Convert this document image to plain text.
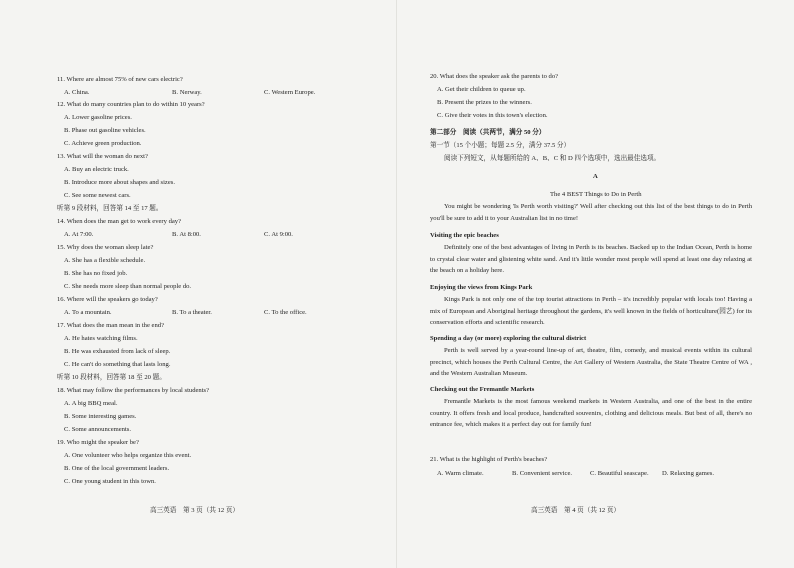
11. Where are almost 75% of new cars electric?
A. China.	B. Nerway.	C. Western Europe.
12. What do many countries plan to do within 10 years?
A. Lower gasoline prices.
B. Phase out gasoline vehicles.
C. Achieve green production.
13. What will the woman do next?
A. Buy an electric truck.
B. Introduce more about shapes and sizes.
C. See some newest cars.
听第 9 段材料，回答第 14 至 17 题。
14. When does the man get to work every day?
A. At 7:00.	B. At 8:00.	C. At 9:00.
15. Why does the woman sleep late?
A. She has a flexible schedule.
B. She has no fixed job.
C. She needs more sleep than normal people do.
16. Where will the speakers go today?
A. To a mountain.	B. To a theater.	C. To the office.
17. What does the man mean in the end?
A. He hates watching films.
B. He was exhausted from lack of sleep.
C. He can't do something that lasts long.
听第 10 段材料，回答第 18 至 20 题。
18. What may follow the performances by local students?
A. A big BBQ meal.
B. Some interesting games.
C. Some announcements.
19. Who might the speaker be?
A. One volunteer who helps organize this event.
B. One of the local government leaders.
C. One young student in this town.
高三英语　第 3 页（共 12 页）
20. What does the speaker ask the parents to do?
A. Get their children to queue up.
B. Present the prizes to the winners.
C. Give their votes in this town's election.
第二部分　阅读（共两节，满分 50 分）
第一节（15 个小题；每题 2.5 分，满分 37.5 分）
阅读下列短文，从每题所给的 A、B、C 和 D 四个选项中，选出最佳选项。
A
The 4 BEST Things to Do in Perth
You might be wondering 'Is Perth worth visiting?' Well after checking out this list of the best things to do in Perth you'll be sure to add it to your Australian list in no time!
Visiting the epic beaches
Definitely one of the best advantages of living in Perth is its beaches. Backed up to the Indian Ocean, Perth is home to crystal clear water and glistening white sand. And it's little wonder most people will spend at least one day relaxing at the beach on a holiday here.
Enjoying the views from Kings Park
Kings Park is not only one of the top tourist attractions in Perth – it's incredibly popular with locals too! Having a mix of European and Aboriginal heritage throughout the gardens, it's well known in the fields of horticulture(园艺) for its conservation efforts and scientific research.
Spending a day (or more) exploring the cultural district
Perth is well served by a year-round line-up of art, theatre, film, comedy, and musical events within its cultural precinct, which houses the Perth Cultural Centre, the Art Gallery of Western Australia, the State Theatre Centre of WA , and the Western Australian Museum.
Checking out the Fremantle Markets
Fremantle Markets is the most famous weekend markets in Western Australia, and one of the best in the entire country. It offers fresh and local produce, handcrafted souvenirs, clothing and delicious meals. But best of all, there's no entrance fee, which makes it a perfect day out for family fun!
21. What is the highlight of Perth's beaches?
A. Warm climate.	B. Convenient service.	C. Beautiful seascape. D. Relaxing games.
高三英语　第 4 页（共 12 页）
